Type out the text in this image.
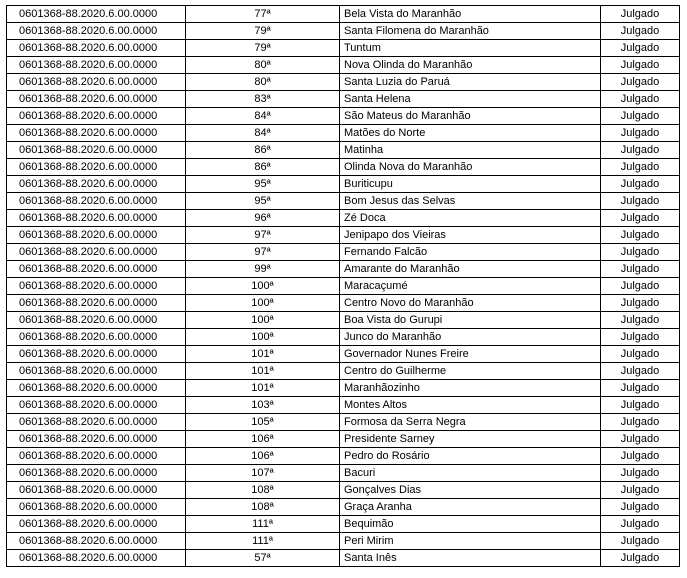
0601368-88.2020.6.00.0000	77ª	Bela Vista do Maranhão	Julgado
0601368-88.2020.6.00.0000	79ª	Santa Filomena do Maranhão	Julgado
0601368-88.2020.6.00.0000	79ª	Tuntum	Julgado
0601368-88.2020.6.00.0000	80ª	Nova Olinda do Maranhão	Julgado
0601368-88.2020.6.00.0000	80ª	Santa Luzia do Paruá	Julgado
0601368-88.2020.6.00.0000	83ª	Santa Helena	Julgado
0601368-88.2020.6.00.0000	84ª	São Mateus do Maranhão	Julgado
0601368-88.2020.6.00.0000	84ª	Matões do Norte	Julgado
0601368-88.2020.6.00.0000	86ª	Matinha	Julgado
0601368-88.2020.6.00.0000	86ª	Olinda Nova do Maranhão	Julgado
0601368-88.2020.6.00.0000	95ª	Buriticupu	Julgado
0601368-88.2020.6.00.0000	95ª	Bom Jesus das Selvas	Julgado
0601368-88.2020.6.00.0000	96ª	Zé Doca	Julgado
0601368-88.2020.6.00.0000	97ª	Jenipapo dos Vieiras	Julgado
0601368-88.2020.6.00.0000	97ª	Fernando Falcão	Julgado
0601368-88.2020.6.00.0000	99ª	Amarante do Maranhão	Julgado
0601368-88.2020.6.00.0000	100ª	Maracaçumé	Julgado
0601368-88.2020.6.00.0000	100ª	Centro Novo do Maranhão	Julgado
0601368-88.2020.6.00.0000	100ª	Boa Vista do Gurupi	Julgado
0601368-88.2020.6.00.0000	100ª	Junco do Maranhão	Julgado
0601368-88.2020.6.00.0000	101ª	Governador Nunes Freire	Julgado
0601368-88.2020.6.00.0000	101ª	Centro do Guilherme	Julgado
0601368-88.2020.6.00.0000	101ª	Maranhãozinho	Julgado
0601368-88.2020.6.00.0000	103ª	Montes Altos	Julgado
0601368-88.2020.6.00.0000	105ª	Formosa da Serra Negra	Julgado
0601368-88.2020.6.00.0000	106ª	Presidente Sarney	Julgado
0601368-88.2020.6.00.0000	106ª	Pedro do Rosário	Julgado
0601368-88.2020.6.00.0000	107ª	Bacuri	Julgado
0601368-88.2020.6.00.0000	108ª	Gonçalves Dias	Julgado
0601368-88.2020.6.00.0000	108ª	Graça Aranha	Julgado
0601368-88.2020.6.00.0000	111ª	Bequimão	Julgado
0601368-88.2020.6.00.0000	111ª	Peri Mirim	Julgado
0601368-88.2020.6.00.0000	57ª	Santa Inês	Julgado
